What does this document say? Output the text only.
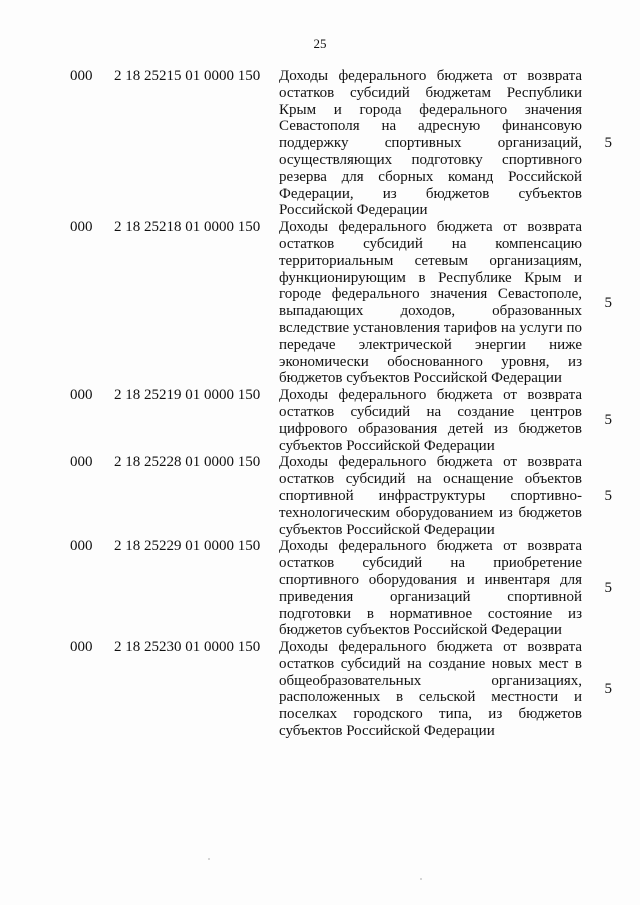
25
000	2 18 25215 01 0000 150	Доходы федерального бюджета от возврата
остатков субсидий бюджетам Республики
Крым и города федерального значения
Севастополя на адресную финансовую
поддержку спортивных организаций,
осуществляющих подготовку спортивного
резерва для сборных команд Российской
Федерации, из бюджетов субъектов
Российской Федерации
5
000	2 18 25218 01 0000 150	Доходы федерального бюджета от возврата
остатков субсидий на компенсацию
территориальным сетевым организациям,
функционирующим в Республике Крым и
городе федерального значения Севастополе,
выпадающих доходов, образованных
вследствие установления тарифов на услуги по
передаче электрической энергии ниже
экономически обоснованного уровня, из
бюджетов субъектов Российской Федерации
5
000	2 18 25219 01 0000 150	Доходы федерального бюджета от возврата
остатков субсидий на создание центров
цифрового образования детей из бюджетов
субъектов Российской Федерации
5
000	2 18 25228 01 0000 150	Доходы федерального бюджета от возврата
остатков субсидий на оснащение объектов
спортивной инфраструктуры спортивно-
технологическим оборудованием из бюджетов
субъектов Российской Федерации
5
000	2 18 25229 01 0000 150	Доходы федерального бюджета от возврата
остатков субсидий на приобретение
спортивного оборудования и инвентаря для
приведения организаций спортивной
подготовки в нормативное состояние из
бюджетов субъектов Российской Федерации
5
000	2 18 25230 01 0000 150	Доходы федерального бюджета от возврата
остатков субсидий на создание новых мест в
общеобразовательных организациях,
расположенных в сельской местности и
поселках городского типа, из бюджетов
субъектов Российской Федерации
5
